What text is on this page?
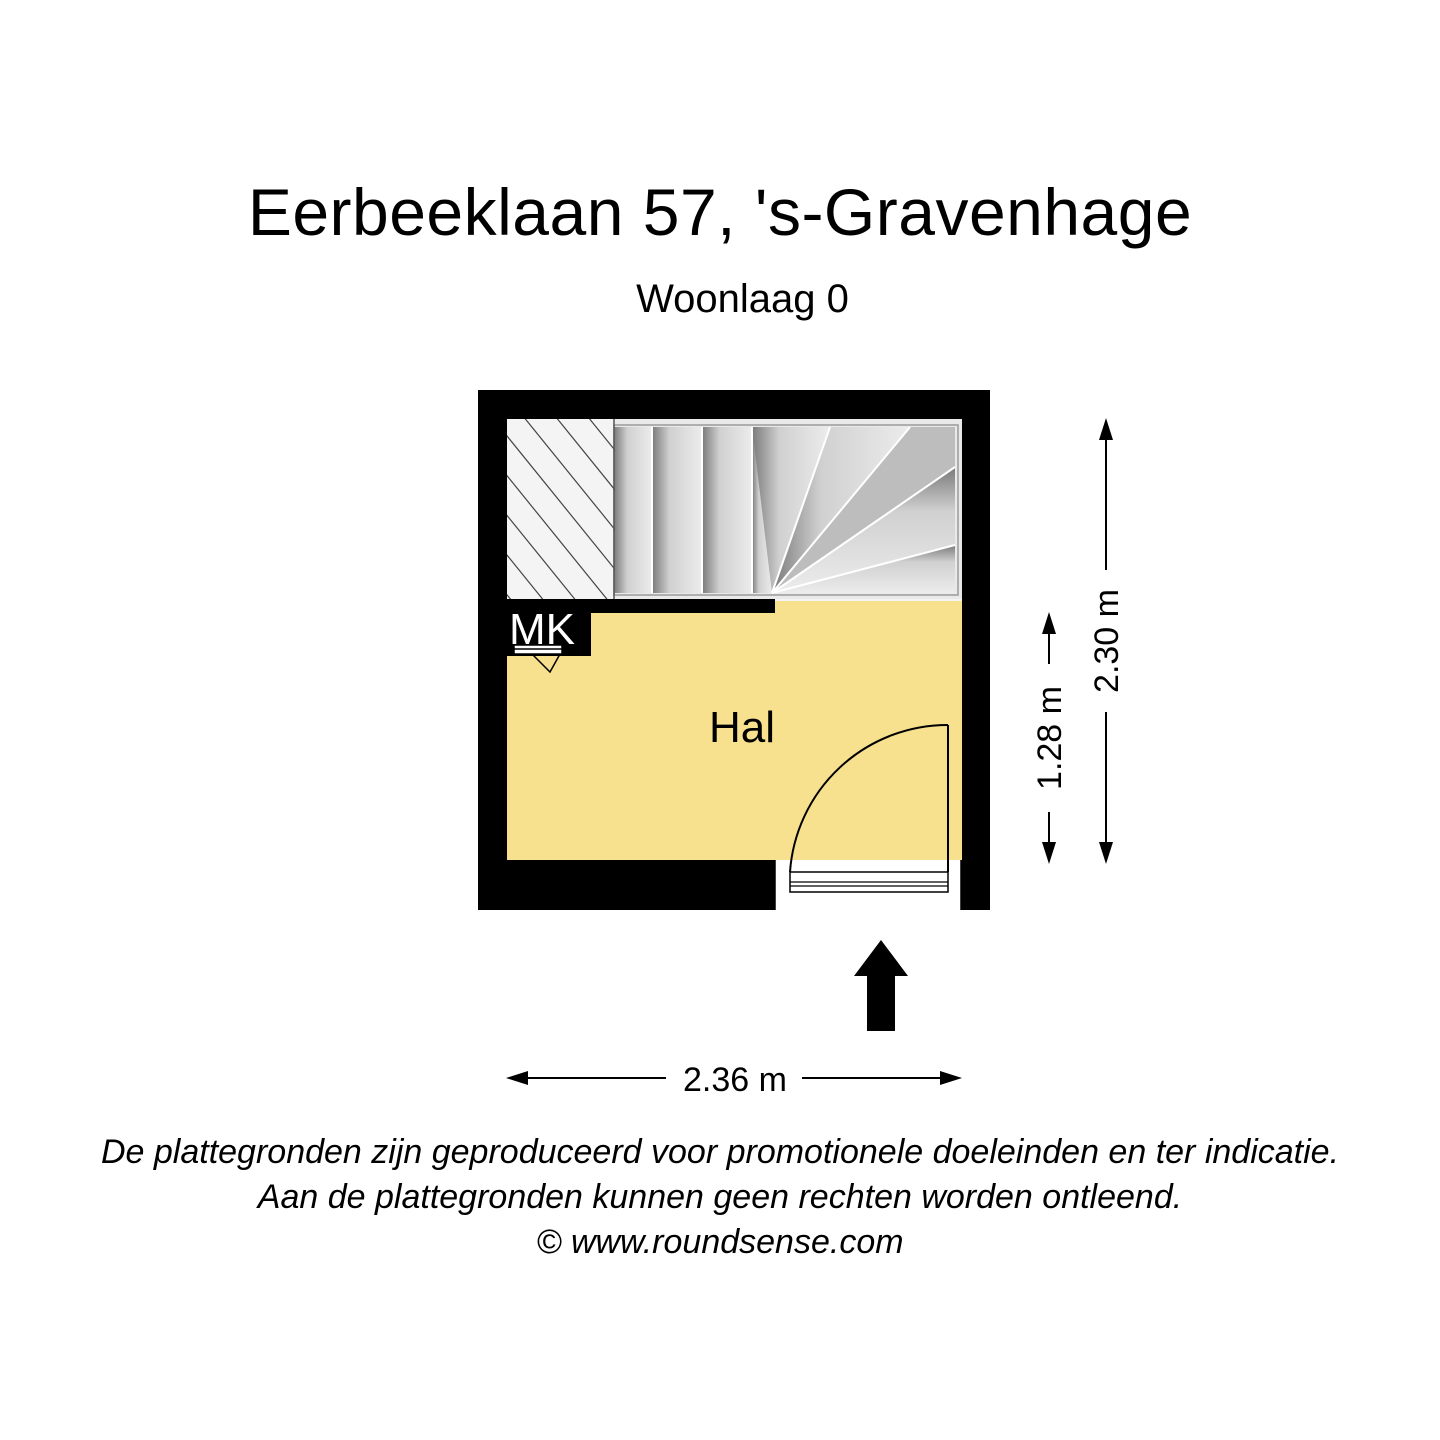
Eerbeeklaan 57, 's-Gravenhage
Woonlaag 0
MK
Hal
2.36 m
2.30 m
1.28 m
De plattegronden zijn geproduceerd voor promotionele doeleinden en ter indicatie.
Aan de plattegronden kunnen geen rechten worden ontleend.
© www.roundsense.com
